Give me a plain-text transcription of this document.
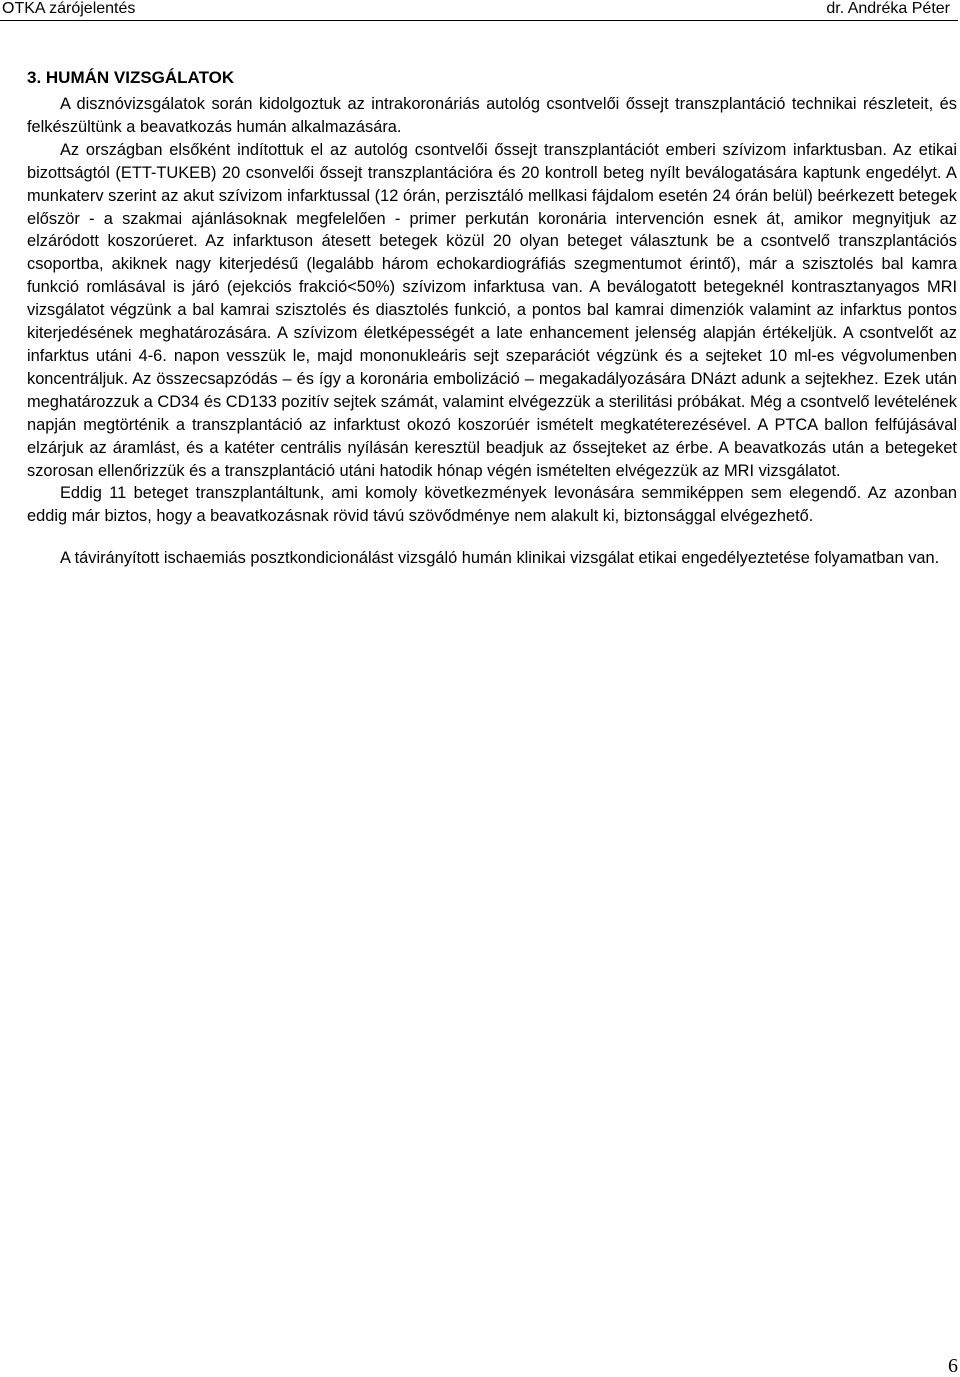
OTKA zárójelentés	dr. Andréka Péter
3. HUMÁN VIZSGÁLATOK

A disznóvizsgálatok során kidolgoztuk az intrakoronáriás autológ csontvelői őssejt transzplantáció technikai részleteit, és felkészültünk a beavatkozás humán alkalmazására.

Az országban elsőként indítottuk el az autológ csontvelői őssejt transzplantációt emberi szívizom infarktusban. Az etikai bizottságtól (ETT-TUKEB) 20 csonvelői őssejt transzplantációra és 20 kontroll beteg nyílt beválogatására kaptunk engedélyt. A munkaterv szerint az akut szívizom infarktussal (12 órán, perzisztáló mellkasi fájdalom esetén 24 órán belül) beérkezett betegek először - a szakmai ajánlásoknak megfelelően - primer perkután koronária intervención esnek át, amikor megnyitjuk az elzáródott koszorúeret. Az infarktuson átesett betegek közül 20 olyan beteget választunk be a csontvelő transzplantációs csoportba, akiknek nagy kiterjedésű (legalább három echokardiográfiás szegmentumot érintő), már a szisztolés bal kamra funkció romlásával is járó (ejekciós frakció<50%) szívizom infarktusa van. A beválogatott betegeknél kontrasztanyagos MRI vizsgálatot végzünk a bal kamrai szisztolés és diasztolés funkció, a pontos bal kamrai dimenziók valamint az infarktus pontos kiterjedésének meghatározására. A szívizom életképességét a late enhancement jelenség alapján értékeljük. A csontvelőt az infarktus utáni 4-6. napon vesszük le, majd mononukleáris sejt szeparációt végzünk és a sejteket 10 ml-es végvolumenben koncentráljuk. Az összecsapzódás – és így a koronária embolizáció – megakadályozására DNázt adunk a sejtekhez. Ezek után meghatározzuk a CD34 és CD133 pozitív sejtek számát, valamint elvégezzük a sterilitási próbákat. Még a csontvelő levételének napján megtörténik a transzplantáció az infarktust okozó koszorúér ismételt megkatéterezésével. A PTCA ballon felfújásával elzárjuk az áramlást, és a katéter centrális nyílásán keresztül beadjuk az őssejteket az érbe. A beavatkozás után a betegeket szorosan ellenőrizzük és a transzplantáció utáni hatodik hónap végén ismételten elvégezzük az MRI vizsgálatot.

Eddig 11 beteget transzplantáltunk, ami komoly következmények levonására semmiképpen sem elegendő. Az azonban eddig már biztos, hogy a beavatkozásnak rövid távú szövődménye nem alakult ki, biztonsággal elvégezhető.

A távirányított ischaemiás posztkondicionálást vizsgáló humán klinikai vizsgálat etikai engedélyeztetése folyamatban van.

6
